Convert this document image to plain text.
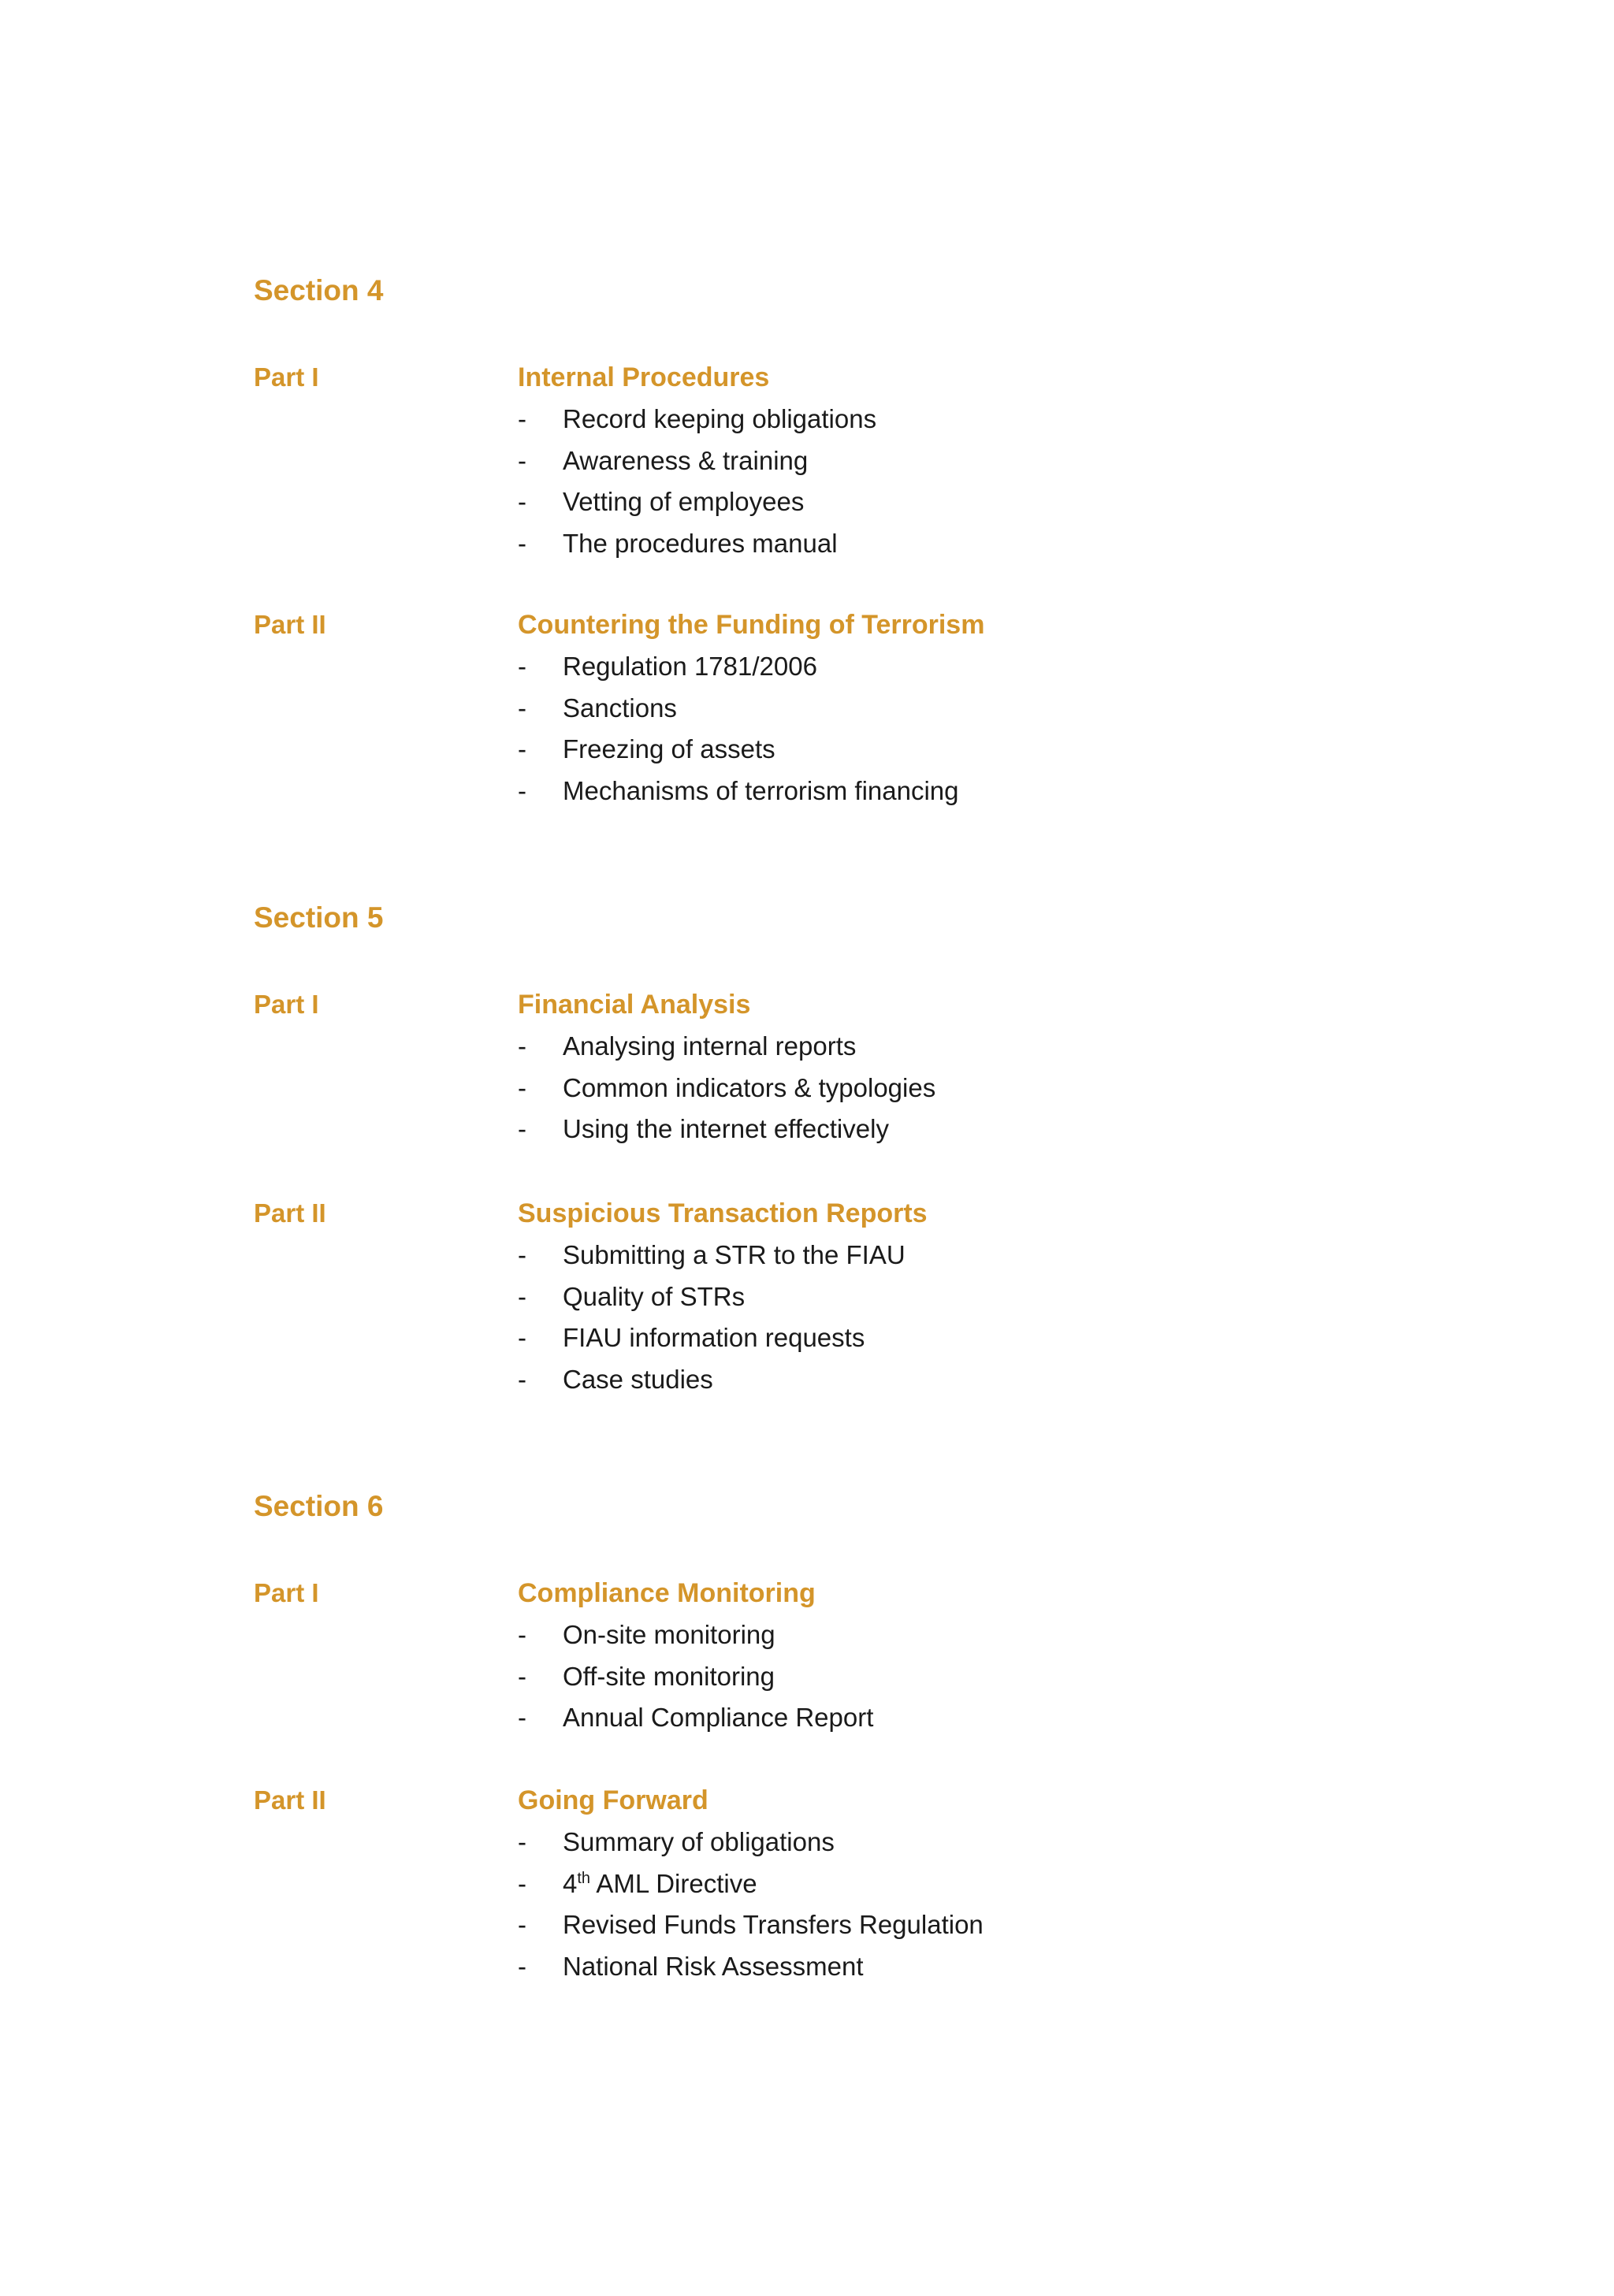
Section 4
Part I	Internal Procedures
-	Record keeping obligations
-	Awareness & training
-	Vetting of employees
-	The procedures manual
Part II	Countering the Funding of Terrorism
-	Regulation 1781/2006
-	Sanctions
-	Freezing of assets
-	Mechanisms of terrorism financing
Section 5
Part I	Financial Analysis
-	Analysing internal reports
-	Common indicators & typologies
-	Using the internet effectively
Part II	Suspicious Transaction Reports
-	Submitting a STR to the FIAU
-	Quality of STRs
-	FIAU information requests
-	Case studies
Section 6
Part I	Compliance Monitoring
-	On-site monitoring
-	Off-site monitoring
-	Annual Compliance Report
Part II	Going Forward
-	Summary of obligations
-	4th AML Directive
-	Revised Funds Transfers Regulation
-	National Risk Assessment
